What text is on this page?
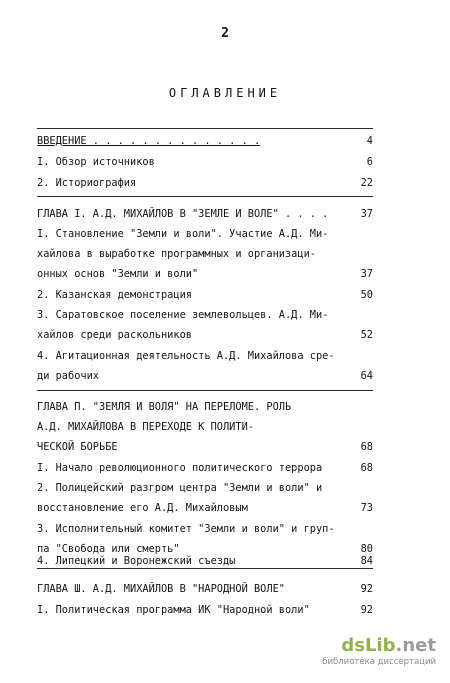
2
ОГЛАВЛЕНИЕ
ВВЕДЕНИЕ . . . . . . . . . . . . . .	4
I. Обзор источников	6
2. Историография	22
ГЛАВА I. А.Д. МИХАЙЛОВ В "ЗЕМЛЕ И ВОЛЕ" . . . .	37
I. Становление "Земли и воли". Участие А.Д. Ми-
хайлова в выработке программных и организаци-
онных основ "Земли и воли"	37
2. Казанская демонстрация	50
3. Саратовское поселение землевольцев. А.Д. Ми-
хайлов среди раскольников	52
4. Агитационная деятельность А.Д. Михайлова сре-
ди рабочих	64
ГЛАВА П. "ЗЕМЛЯ И ВОЛЯ" НА ПЕРЕЛОМЕ. РОЛЬ
А.Д. МИХАЙЛОВА В ПЕРЕХОДЕ К ПОЛИТИ-
ЧЕСКОЙ БОРЬБЕ	68
I. Начало революционного политического террора	68
2. Полицейский разгром центра "Земли и воли" и
восстановление его А.Д. Михайловым	73
3. Исполнительный комитет "Земли и воли" и груп-
па "Свобода или смерть"	80
4. Липецкий и Воронежский съезды	84
ГЛАВА Ш. А.Д. МИХАЙЛОВ В "НАРОДНОЙ ВОЛЕ"	92
I. Политическая программа ИК "Народной воли"	92
dsLib.net
библиотека диссертаций
